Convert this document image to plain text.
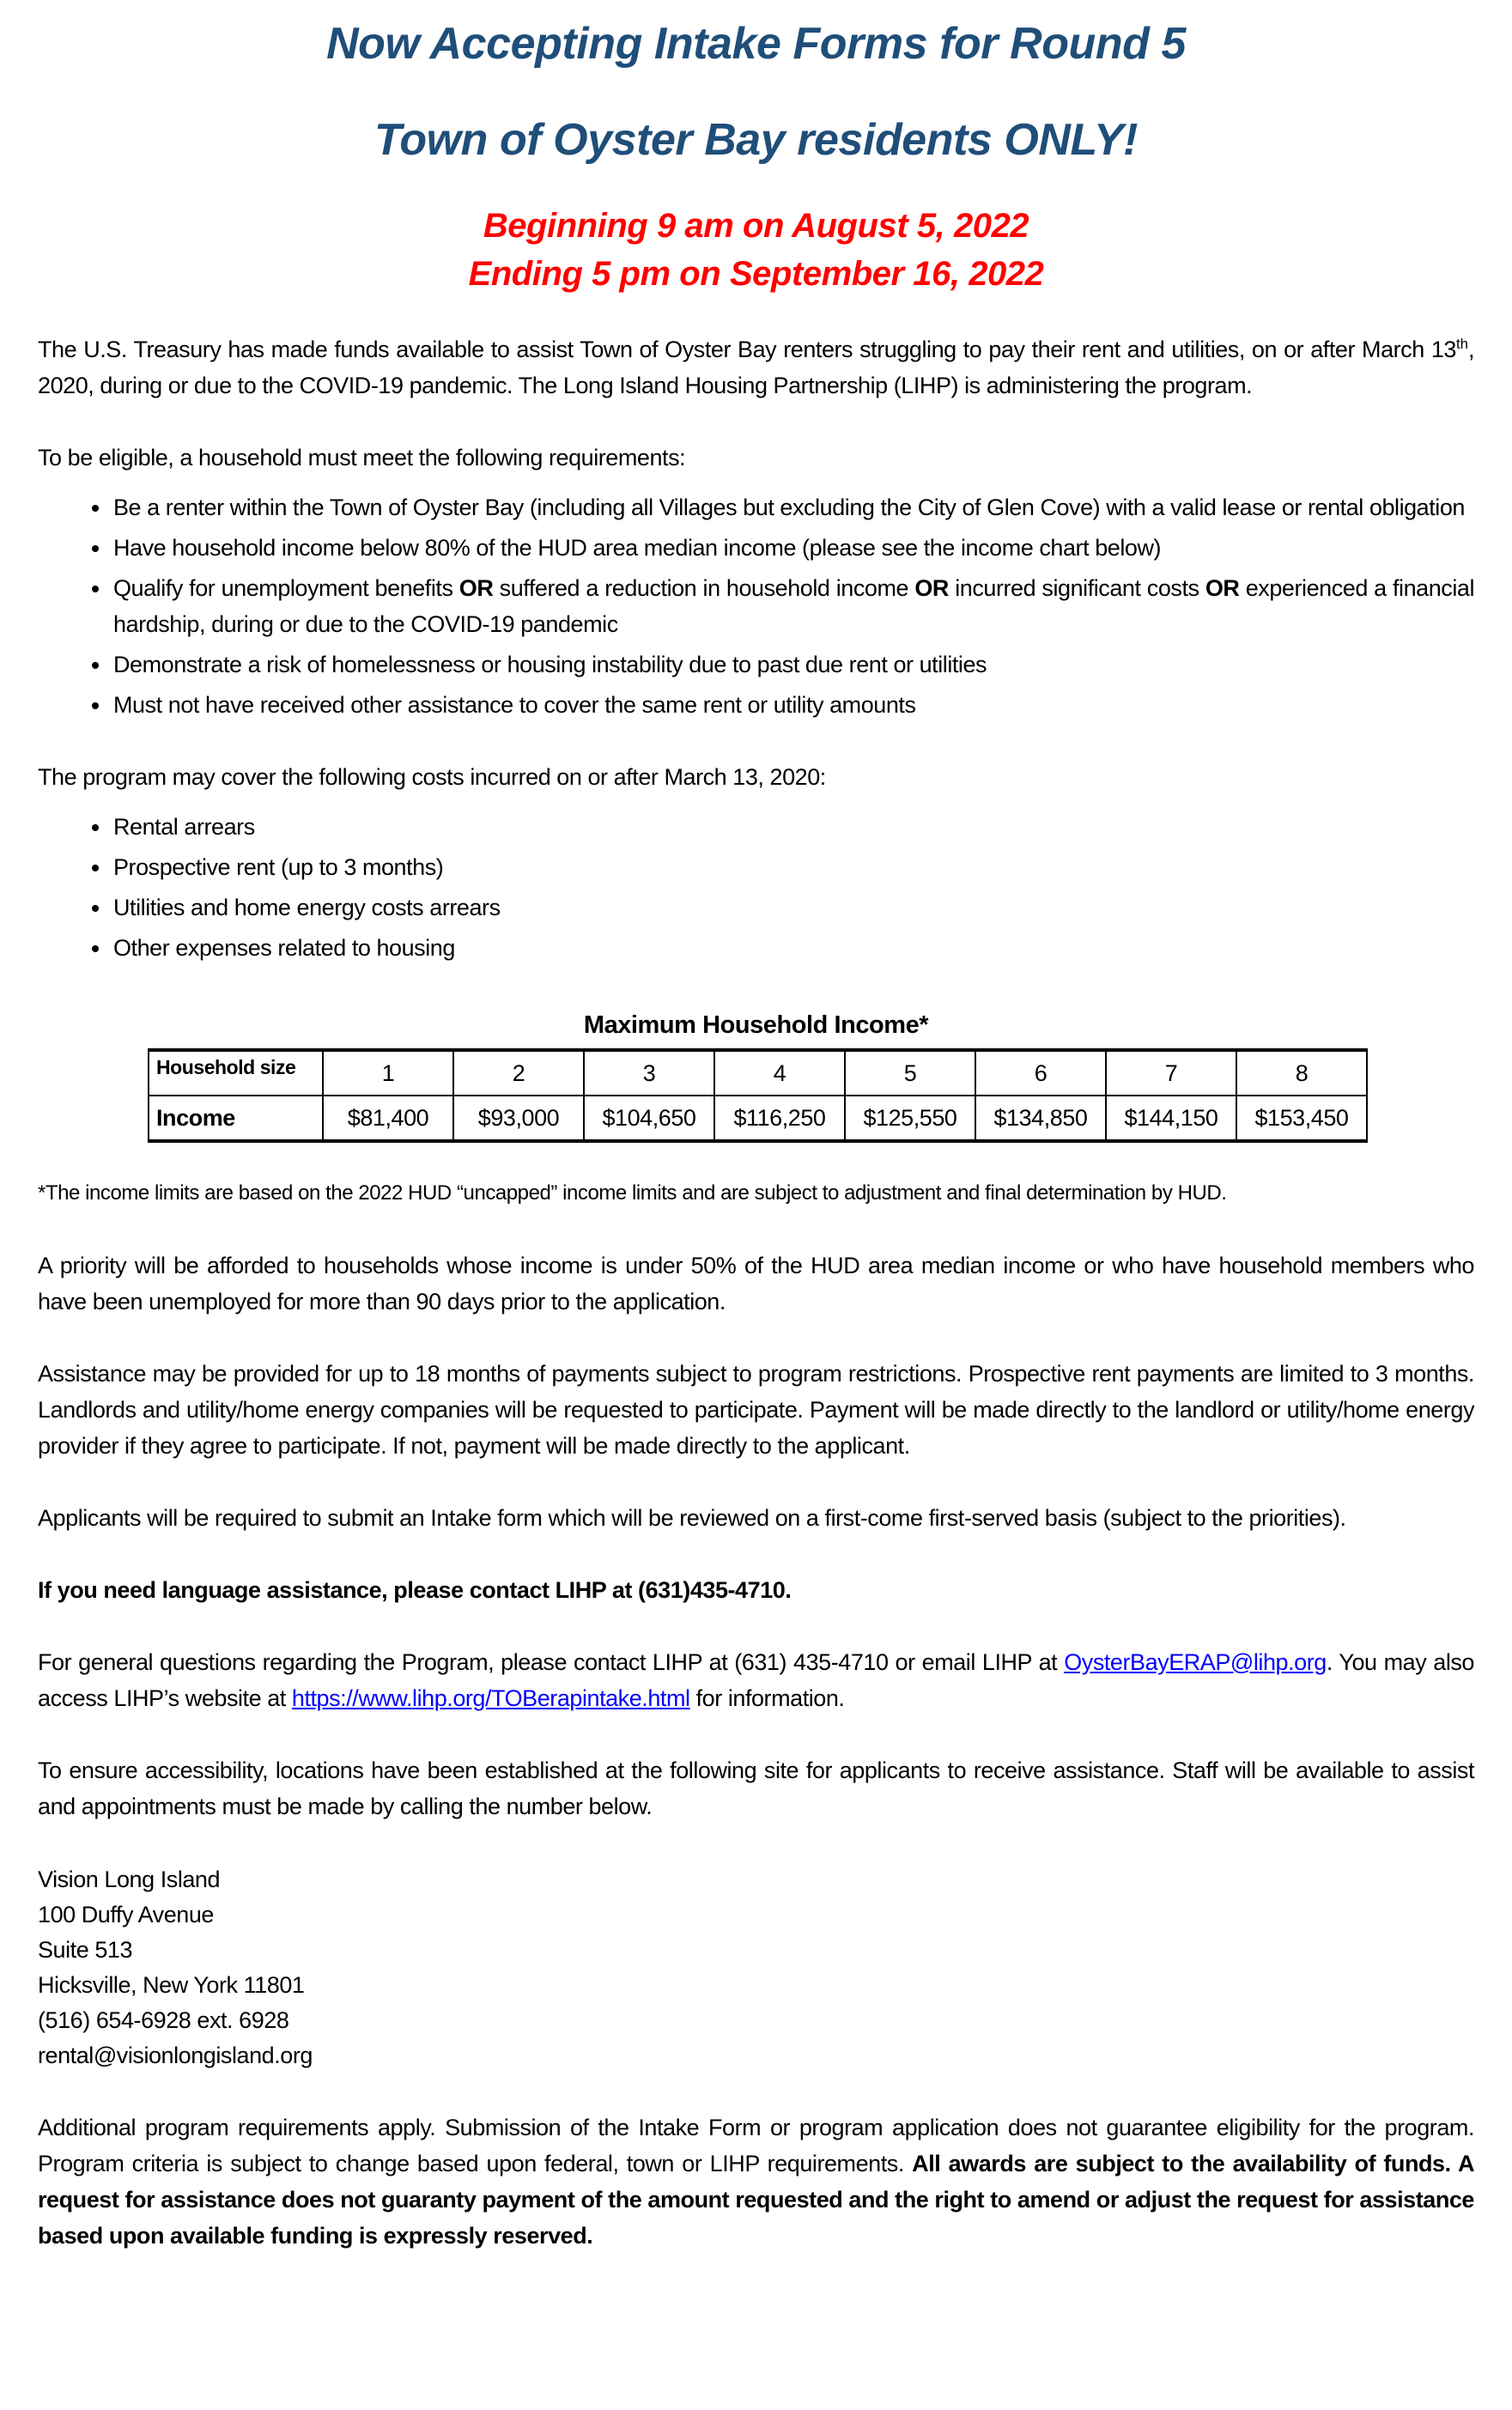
Now Accepting Intake Forms for Round 5
Town of Oyster Bay residents ONLY!

Beginning 9 am on August 5, 2022

Ending 5 pm on September 16, 2022

The U.S. Treasury has made funds available to assist Town of Oyster Bay renters struggling to pay their rent and utilities, on or after March 13th, 2020, during or due to the COVID-19 pandemic. The Long Island Housing Partnership (LIHP) is administering the program.

To be eligible, a household must meet the following requirements:

• Be a renter within the Town of Oyster Bay (including all Villages but excluding the City of Glen Cove) with a valid lease or rental obligation
• Have household income below 80% of the HUD area median income (please see the income chart below)
• Qualify for unemployment benefits OR suffered a reduction in household income OR incurred significant costs OR experienced a financial hardship, during or due to the COVID-19 pandemic
• Demonstrate a risk of homelessness or housing instability due to past due rent or utilities
• Must not have received other assistance to cover the same rent or utility amounts

The program may cover the following costs incurred on or after March 13, 2020:

• Rental arrears
• Prospective rent (up to 3 months)
• Utilities and home energy costs arrears
• Other expenses related to housing
Maximum Household Income*
Household size	1	2	3	4	5	6	7	8
Income	$81,400	$93,000	$104,650	$116,250	$125,550	$134,850	$144,150	$153,450

*The income limits are based on the 2022 HUD “uncapped” income limits and are subject to adjustment and final determination by HUD.

A priority will be afforded to households whose income is under 50% of the HUD area median income or who have household members who have been unemployed for more than 90 days prior to the application.

Assistance may be provided for up to 18 months of payments subject to program restrictions. Prospective rent payments are limited to 3 months. Landlords and utility/home energy companies will be requested to participate. Payment will be made directly to the landlord or utility/home energy provider if they agree to participate. If not, payment will be made directly to the applicant.

Applicants will be required to submit an Intake form which will be reviewed on a first-come first-served basis (subject to the priorities).

If you need language assistance, please contact LIHP at (631)435-4710.

For general questions regarding the Program, please contact LIHP at (631) 435-4710 or email LIHP at OysterBayERAP@lihp.org. You may also access LIHP’s website at https://www.lihp.org/TOBerapintake.html for information.

To ensure accessibility, locations have been established at the following site for applicants to receive assistance. Staff will be available to assist and appointments must be made by calling the number below.

Vision Long Island
100 Duffy Avenue
Suite 513
Hicksville, New York 11801
(516) 654-6928 ext. 6928
rental@visionlongisland.org

Additional program requirements apply. Submission of the Intake Form or program application does not guarantee eligibility for the program. Program criteria is subject to change based upon federal, town or LIHP requirements. All awards are subject to the availability of funds. A request for assistance does not guaranty payment of the amount requested and the right to amend or adjust the request for assistance based upon available funding is expressly reserved.
